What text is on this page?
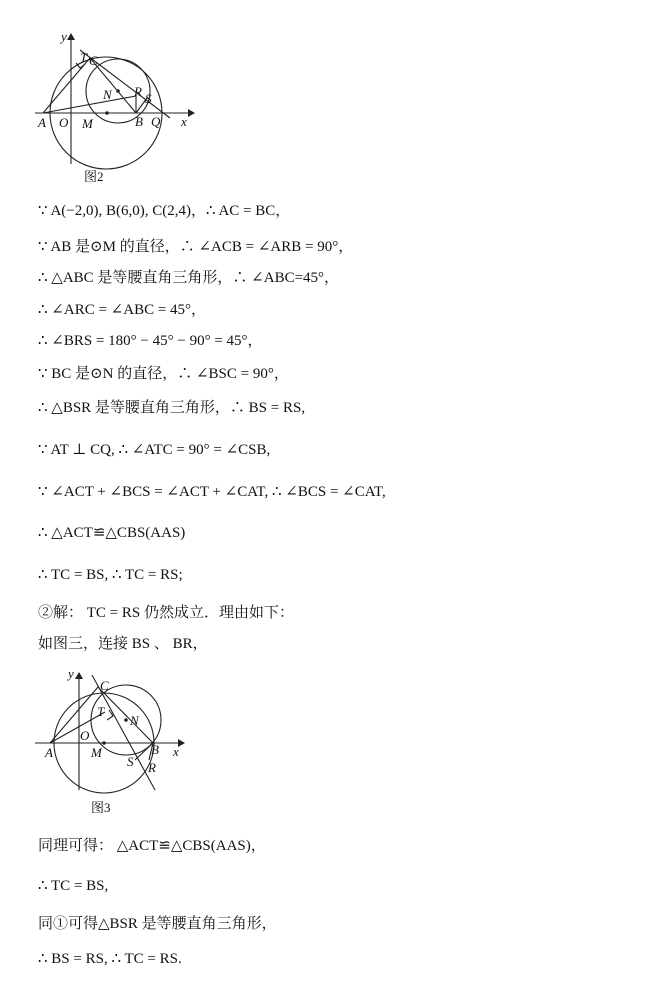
y
x
A O M	B Q
T C
N R S
图2

∵ A(−2,0), B(6,0), C(2,4)，∴ AC = BC，

∵ AB 是⊙M 的直径，∴ ∠ACB = ∠ARB = 90°，

∴ △ABC 是等腰直角三角形，∴ ∠ABC=45°，

∴ ∠ARC = ∠ABC = 45°，

∴ ∠BRS = 180° − 45° − 90° = 45°，

∵ BC 是⊙N 的直径，∴ ∠BSC = 90°，

∴ △BSR 是等腰直角三角形，∴ BS = RS,

∵ AT ⊥ CQ, ∴ ∠ATC = 90° = ∠CSB,

∵ ∠ACT + ∠BCS = ∠ACT + ∠CAT, ∴ ∠BCS = ∠CAT,

∴ △ACT≌△CBS(AAS)

∴ TC = BS, ∴ TC = RS;

②解： TC = RS 仍然成立．理由如下：

如图三，连接 BS 、 BR，

y
x
A
O
M	B
S R
T
C
N
图3

同理可得： △ACT≌△CBS(AAS)，

∴ TC = BS,

同①可得△BSR 是等腰直角三角形，

∴ BS = RS, ∴ TC = RS.
